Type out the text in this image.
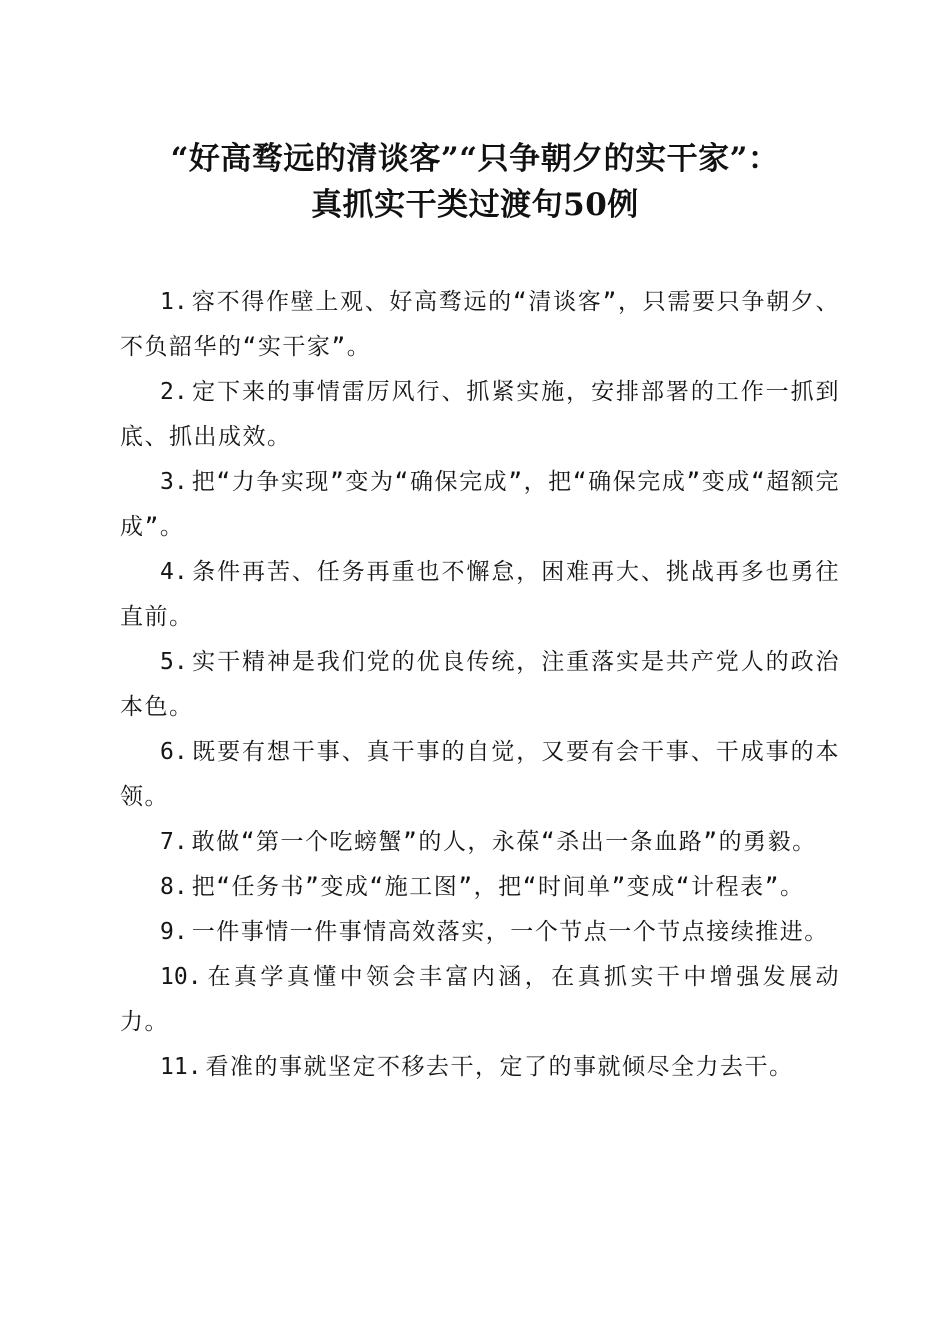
“好高骛远的清谈客”“只争朝夕的实干家”：
真抓实干类过渡句50例

1. 容不得作壁上观、好高骛远的“清谈客”，只需要只争朝夕、不负韶华的“实干家”。

2. 定下来的事情雷厉风行、抓紧实施，安排部署的工作一抓到底、抓出成效。

3. 把“力争实现”变为“确保完成”，把“确保完成”变成“超额完成”。

4. 条件再苦、任务再重也不懈怠，困难再大、挑战再多也勇往直前。

5. 实干精神是我们党的优良传统，注重落实是共产党人的政治本色。

6. 既要有想干事、真干事的自觉，又要有会干事、干成事的本领。

7. 敢做“第一个吃螃蟹”的人，永葆“杀出一条血路”的勇毅。

8. 把“任务书”变成“施工图”，把“时间单”变成“计程表”。

9. 一件事情一件事情高效落实，一个节点一个节点接续推进。

10. 在真学真懂中领会丰富内涵，在真抓实干中增强发展动力。

11. 看准的事就坚定不移去干，定了的事就倾尽全力去干。
